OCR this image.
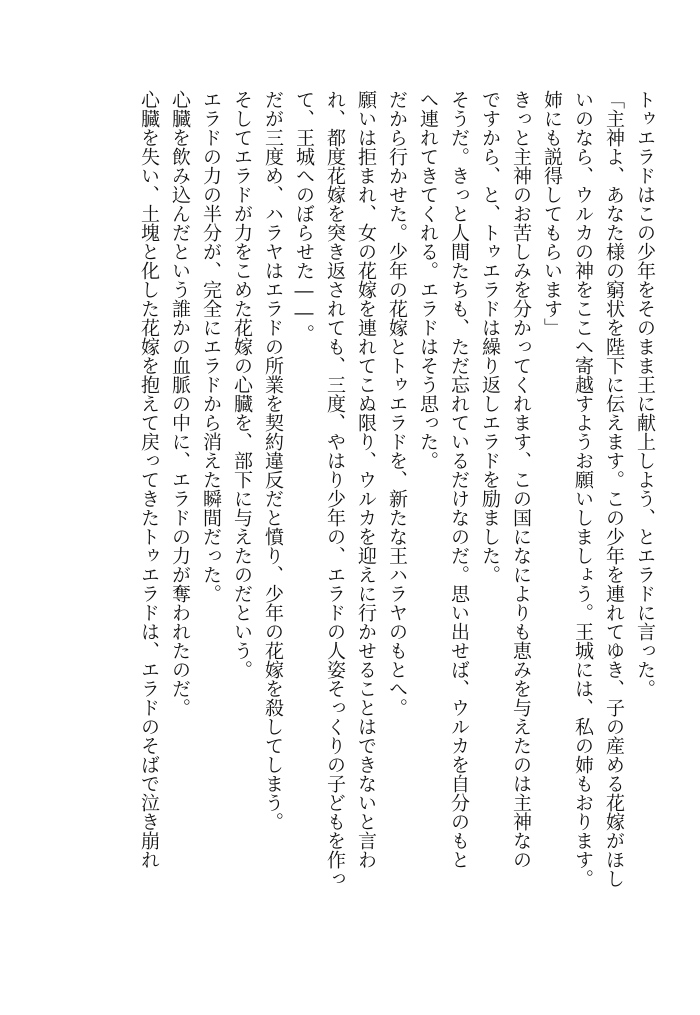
トゥエラドはこの少年をそのまま王に献上しよう、とエラドに言った。

「主神よ、あなた様の窮状を陛下に伝えます。この少年を連れてゆき、子の産める花嫁がほし

いのなら、ウルカの神をここへ寄越すようお願いしましょう。王城には、私の姉もおります。

姉にも説得してもらいます」

きっと主神のお苦しみを分かってくれます、この国になによりも恵みを与えたのは主神なの

ですから、と、トゥエラドは繰り返しエラドを励ました。

そうだ。きっと人間たちも、ただ忘れているだけなのだ。思い出せば、ウルカを自分のもと

へ連れてきてくれる。エラドはそう思った。

だから行かせた。少年の花嫁とトゥエラドを、新たな王ハラヤのもとへ。

願いは拒まれ、女の花嫁を連れてこぬ限り、ウルカを迎えに行かせることはできないと言わ

れ、都度花嫁を突き返されても、三度、やはり少年の、エラドの人姿そっくりの子どもを作っ

て、王城へのぼらせた――。

だが三度め、ハラヤはエラドの所業を契約違反だと憤り、少年の花嫁を殺してしまう。

そしてエラドが力をこめた花嫁の心臓を、部下に与えたのだという。

エラドの力の半分が、完全にエラドから消えた瞬間だった。

心臓を飲み込んだという誰かの血脈の中に、エラドの力が奪われたのだ。

心臓を失い、土塊と化した花嫁を抱えて戻ってきたトゥエラドは、エラドのそばで泣き崩れ
